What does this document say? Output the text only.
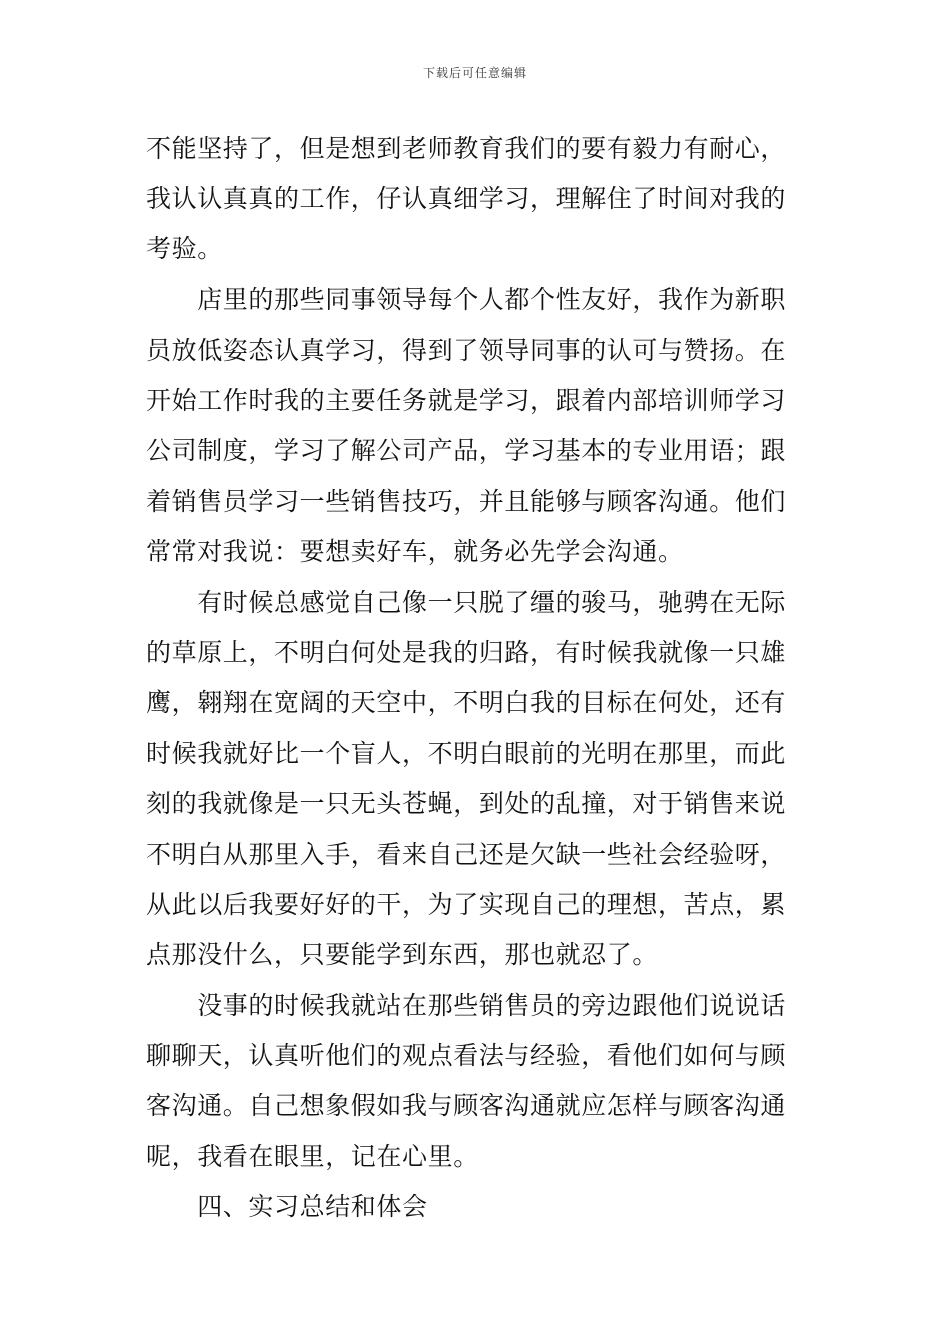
下载后可任意编辑
不能坚持了，但是想到老师教育我们的要有毅力有耐心，
我认认真真的工作，仔认真细学习，理解住了时间对我的
考验。
　　店里的那些同事领导每个人都个性友好，我作为新职
员放低姿态认真学习，得到了领导同事的认可与赞扬。在
开始工作时我的主要任务就是学习，跟着内部培训师学习
公司制度，学习了解公司产品，学习基本的专业用语；跟
着销售员学习一些销售技巧，并且能够与顾客沟通。他们
常常对我说：要想卖好车，就务必先学会沟通。
　　有时候总感觉自己像一只脱了缰的骏马，驰骋在无际
的草原上，不明白何处是我的归路，有时候我就像一只雄
鹰，翱翔在宽阔的天空中，不明白我的目标在何处，还有
时候我就好比一个盲人，不明白眼前的光明在那里，而此
刻的我就像是一只无头苍蝇，到处的乱撞，对于销售来说
不明白从那里入手，看来自己还是欠缺一些社会经验呀，
从此以后我要好好的干，为了实现自己的理想，苦点，累
点那没什么，只要能学到东西，那也就忍了。
　　没事的时候我就站在那些销售员的旁边跟他们说说话
聊聊天，认真听他们的观点看法与经验，看他们如何与顾
客沟通。自己想象假如我与顾客沟通就应怎样与顾客沟通
呢，我看在眼里，记在心里。
　　四、实习总结和体会
